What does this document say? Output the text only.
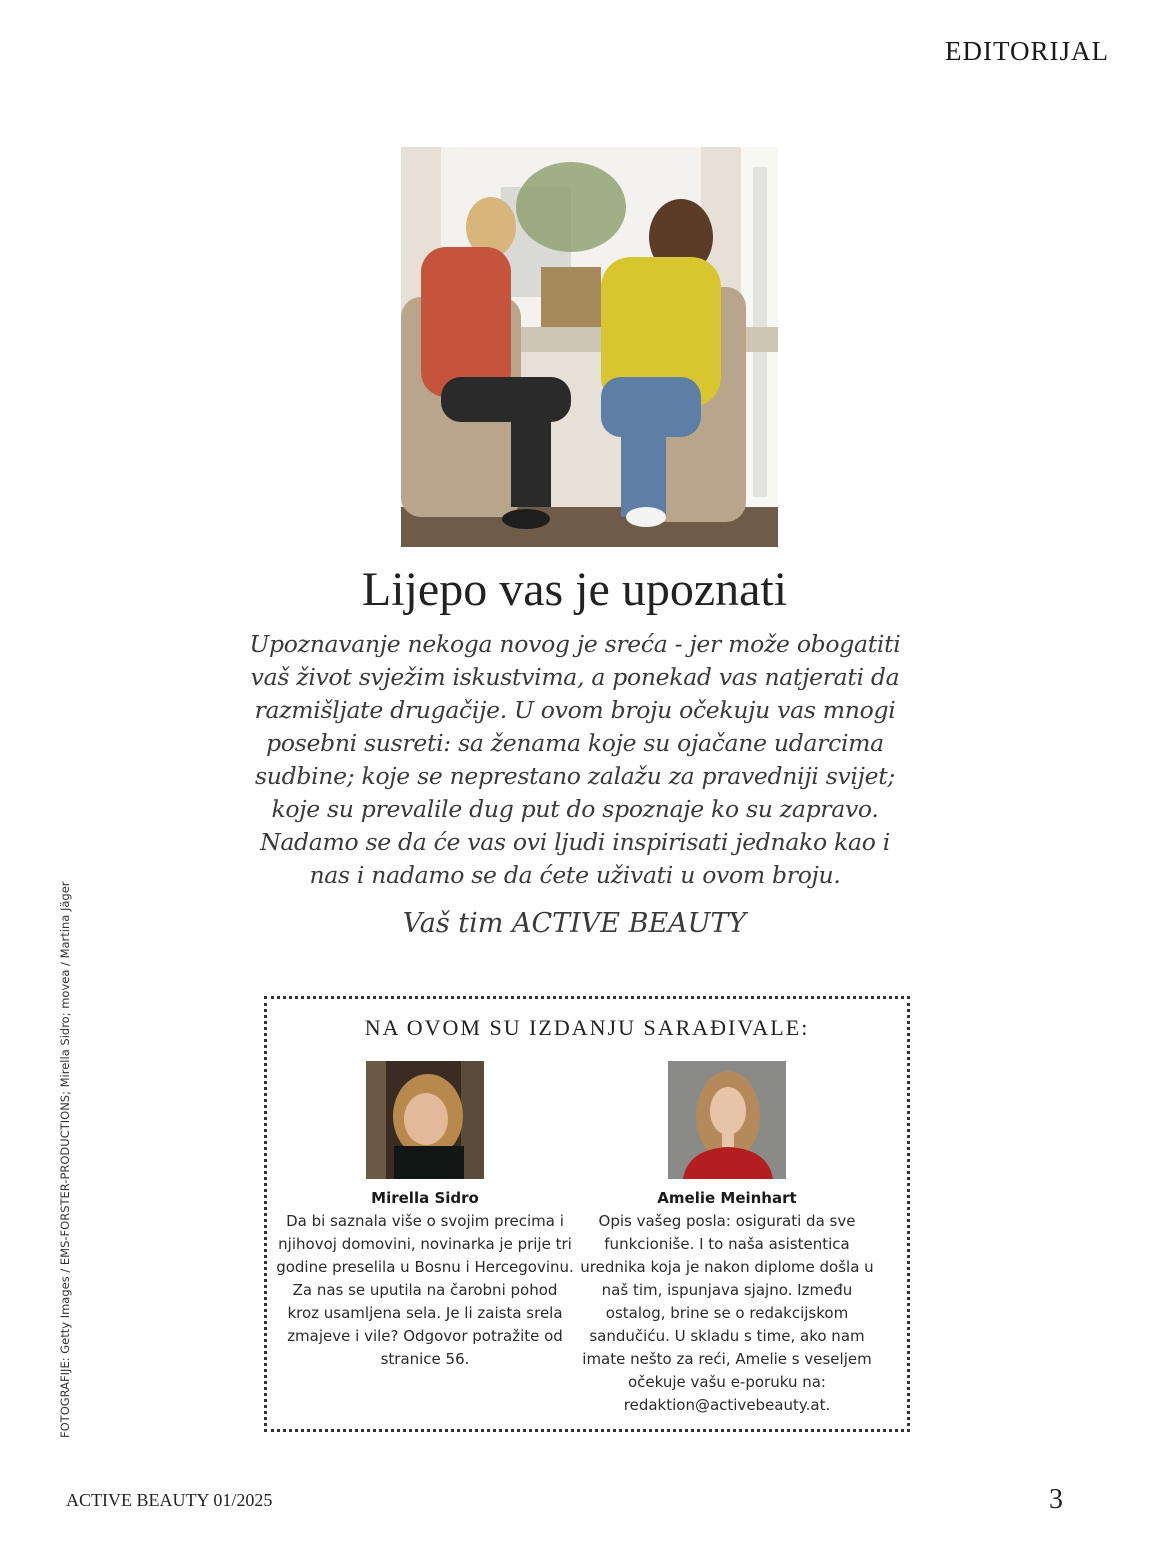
EDITORIJAL
Lijepo vas je upoznati

Upoznavanje nekoga novog je sreća - jer može obogatiti vaš život svježim iskustvima, a ponekad vas natjerati da razmišljate drugačije. U ovom broju očekuju vas mnogi posebni susreti: sa ženama koje su ojačane udarcima sudbine; koje se neprestano zalažu za pravedniji svijet; koje su prevalile dug put do spoznaje ko su zapravo. Nadamo se da će vas ovi ljudi inspirisati jednako kao i nas i nadamo se da ćete uživati u ovom broju.

Vaš tim ACTIVE BEAUTY
NA OVOM SU IZDANJU SARAĐIVALE:
Mirella Sidro
Da bi saznala više o svojim precima i njihovoj domovini, novinarka je prije tri godine preselila u Bosnu i Hercegovinu. Za nas se uputila na čarobni pohod kroz usamljena sela. Je li zaista srela zmajeve i vile? Odgovor potražite od stranice 56.
Amelie Meinhart
Opis vašeg posla: osigurati da sve funkcioniše. I to naša asistentica urednika koja je nakon diplome došla u naš tim, ispunjava sjajno. Između ostalog, brine se o redakcijskom sandučiću. U skladu s time, ako nam imate nešto za reći, Amelie s veseljem očekuje vašu e-poruku na: redaktion@activebeauty.at.
FOTOGRAFIJE: Getty Images / EMS-FORSTER-PRODUCTIONS; Mirella Sidro; movea / Martina Jäger
ACTIVE BEAUTY 01/2025	3
